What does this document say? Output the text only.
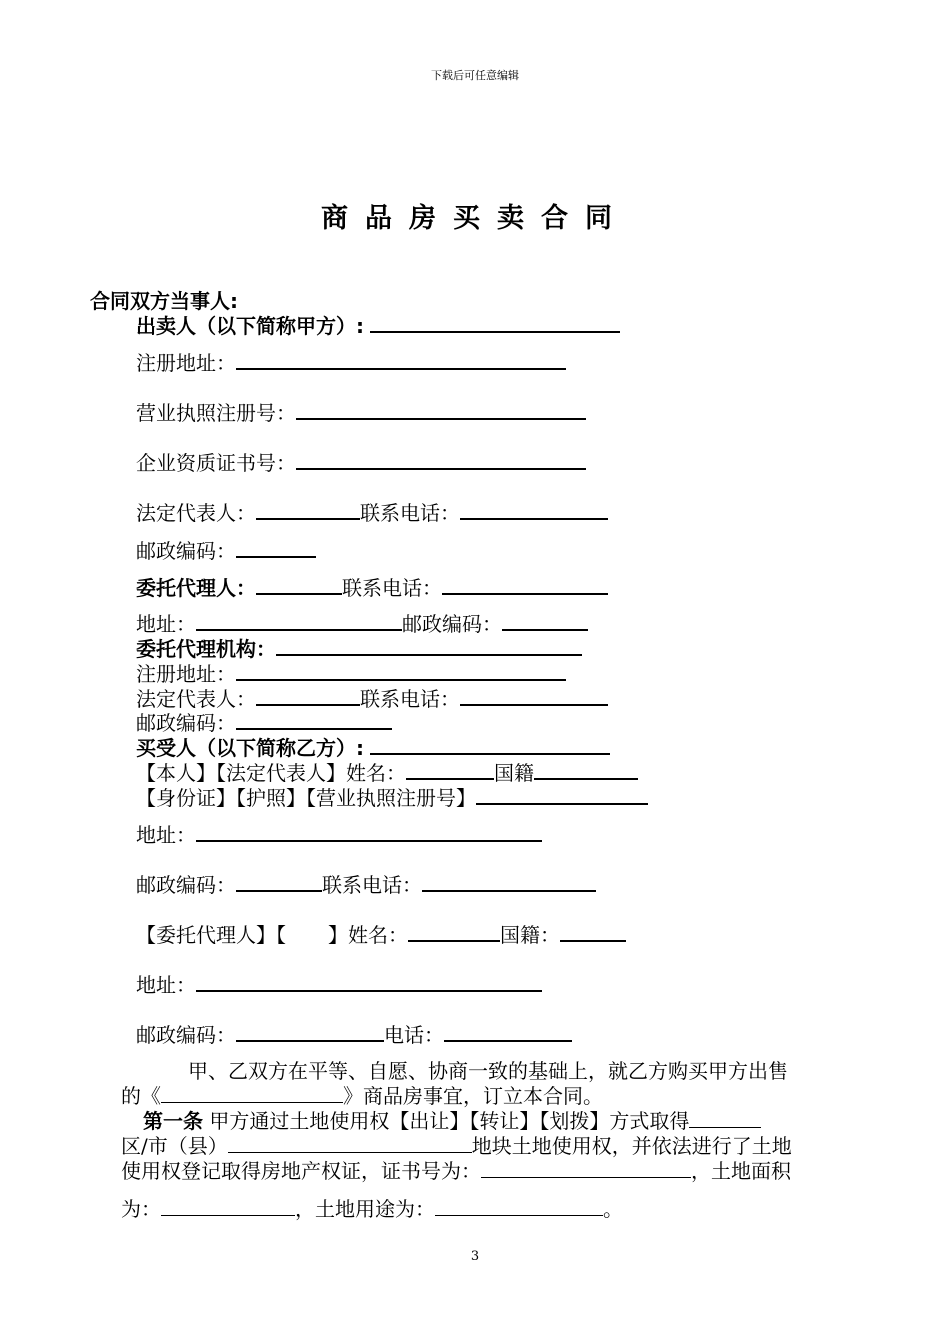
下载后可任意编辑
商品房买卖合同
合同双方当事人:
出卖人（以下简称甲方）:
注册地址：
营业执照注册号：
企业资质证书号：
法定代表人：	联系电话：
邮政编码：
委托代理人：	联系电话：
地址：	邮政编码：
委托代理机构：
注册地址：
法定代表人：	联系电话：
邮政编码：
买受人（以下简称乙方）:
【本人】【法定代表人】姓名：	国籍
【身份证】【护照】【营业执照注册号】
地址：
邮政编码：	联系电话：
【委托代理人】【 】姓名：	国籍：
地址：
邮政编码：	电话：
甲、乙双方在平等、自愿、协商一致的基础上，就乙方购买甲方出售
的《	》商品房事宜，订立本合同。
第一条 甲方通过土地使用权【出让】【转让】【划拨】方式取得
区/市（县）	地块土地使用权，并依法进行了土地
使用权登记取得房地产权证，证书号为：	，土地面积
为：	，土地用途为：	。
3
